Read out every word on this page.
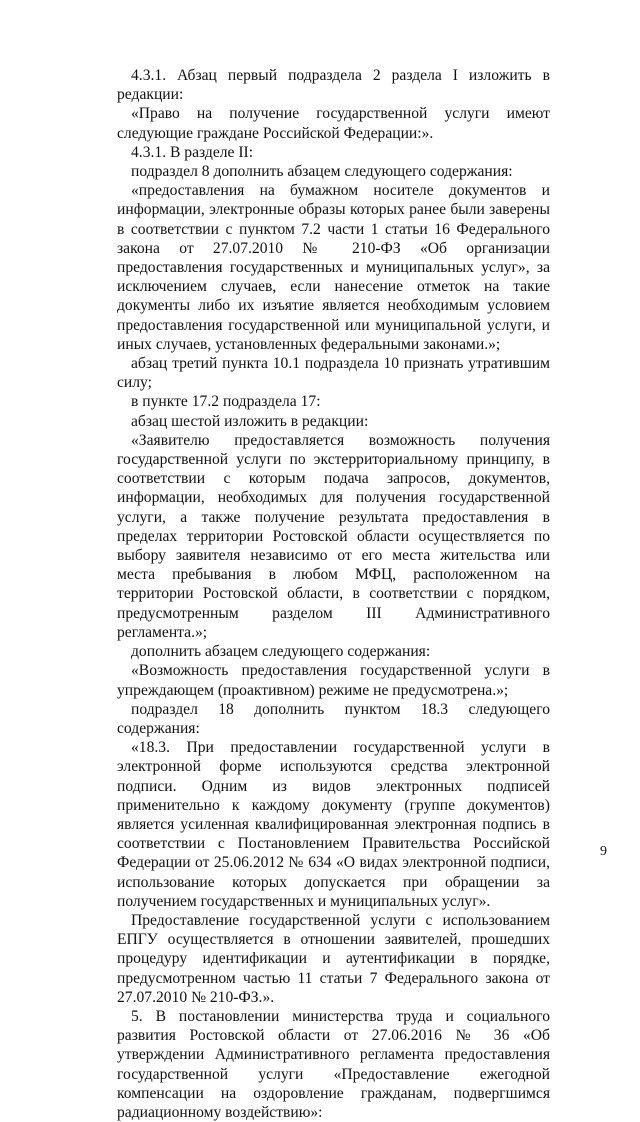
4.3.1. Абзац первый подраздела 2 раздела I изложить в редакции:

«Право на получение государственной услуги имеют следующие граждане Российской Федерации:».

4.3.1. В разделе II:

подраздел 8 дополнить абзацем следующего содержания:

«предоставления на бумажном носителе документов и информации, электронные образы которых ранее были заверены в соответствии с пунктом 7.2 части 1 статьи 16 Федерального закона от 27.07.2010 № 210-ФЗ «Об организации предоставления государственных и муниципальных услуг», за исключением случаев, если нанесение отметок на такие документы либо их изъятие является необходимым условием предоставления государственной или муниципальной услуги, и иных случаев, установленных федеральными законами.»;

абзац третий пункта 10.1 подраздела 10 признать утратившим силу;

в пункте 17.2 подраздела 17:

абзац шестой изложить в редакции:

«Заявителю предоставляется возможность получения государственной услуги по экстерриториальному принципу, в соответствии с которым подача запросов, документов, информации, необходимых для получения государственной услуги, а также получение результата предоставления в пределах территории Ростовской области осуществляется по выбору заявителя независимо от его места жительства или места пребывания в любом МФЦ, расположенном на территории Ростовской области, в соответствии с порядком, предусмотренным разделом III Административного регламента.»;

дополнить абзацем следующего содержания:

«Возможность предоставления государственной услуги в упреждающем (проактивном) режиме не предусмотрена.»;

подраздел 18 дополнить пунктом 18.3 следующего содержания:

«18.3. При предоставлении государственной услуги в электронной форме используются средства электронной подписи. Одним из видов электронных подписей применительно к каждому документу (группе документов) является усиленная квалифицированная электронная подпись в соответствии с Постановлением Правительства Российской Федерации от 25.06.2012 № 634 «О видах электронной подписи, использование которых допускается при обращении за получением государственных и муниципальных услуг».

Предоставление государственной услуги с использованием ЕПГУ осуществляется в отношении заявителей, прошедших процедуру идентификации и аутентификации в порядке, предусмотренном частью 11 статьи 7 Федерального закона от 27.07.2010 № 210-ФЗ.».

5. В постановлении министерства труда и социального развития Ростовской области от 27.06.2016 № 36 «Об утверждении Административного регламента предоставления государственной услуги «Предоставление ежегодной компенсации на оздоровление гражданам, подвергшимся радиационному воздействию»:

9
